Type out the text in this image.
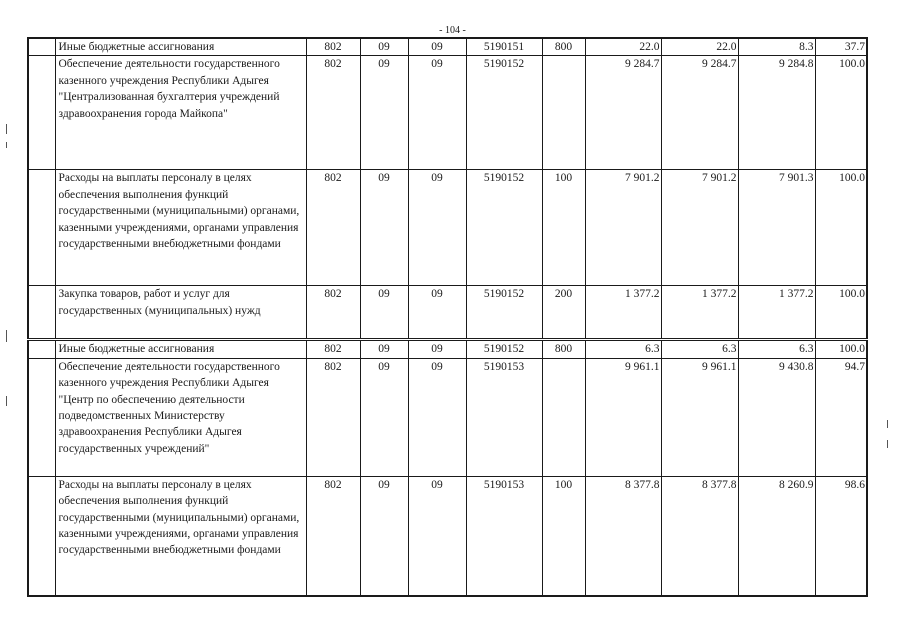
- 104 -
	Иные бюджетные ассигнования	802	09	09	5190151	800	22.0	22.0	8.3	37.7
	Обеспечение деятельности государственного казенного учреждения Республики Адыгея "Централизованная бухгалтерия учреждений здравоохранения города Майкопа"	802	09	09	5190152		9 284.7	9 284.7	9 284.8	100.0
	Расходы на выплаты персоналу в целях обеспечения выполнения функций государственными (муниципальными) органами, казенными учреждениями, органами управления государственными внебюджетными фондами	802	09	09	5190152	100	7 901.2	7 901.2	7 901.3	100.0
	Закупка товаров, работ и услуг для государственных (муниципальных) нужд	802	09	09	5190152	200	1 377.2	1 377.2	1 377.2	100.0
	Иные бюджетные ассигнования	802	09	09	5190152	800	6.3	6.3	6.3	100.0
	Обеспечение деятельности государственного казенного учреждения Республики Адыгея "Центр по обеспечению деятельности подведомственных Министерству здравоохранения Республики Адыгея государственных учреждений"	802	09	09	5190153		9 961.1	9 961.1	9 430.8	94.7
	Расходы на выплаты персоналу в целях обеспечения выполнения функций государственными (муниципальными) органами, казенными учреждениями, органами управления государственными внебюджетными фондами	802	09	09	5190153	100	8 377.8	8 377.8	8 260.9	98.6
